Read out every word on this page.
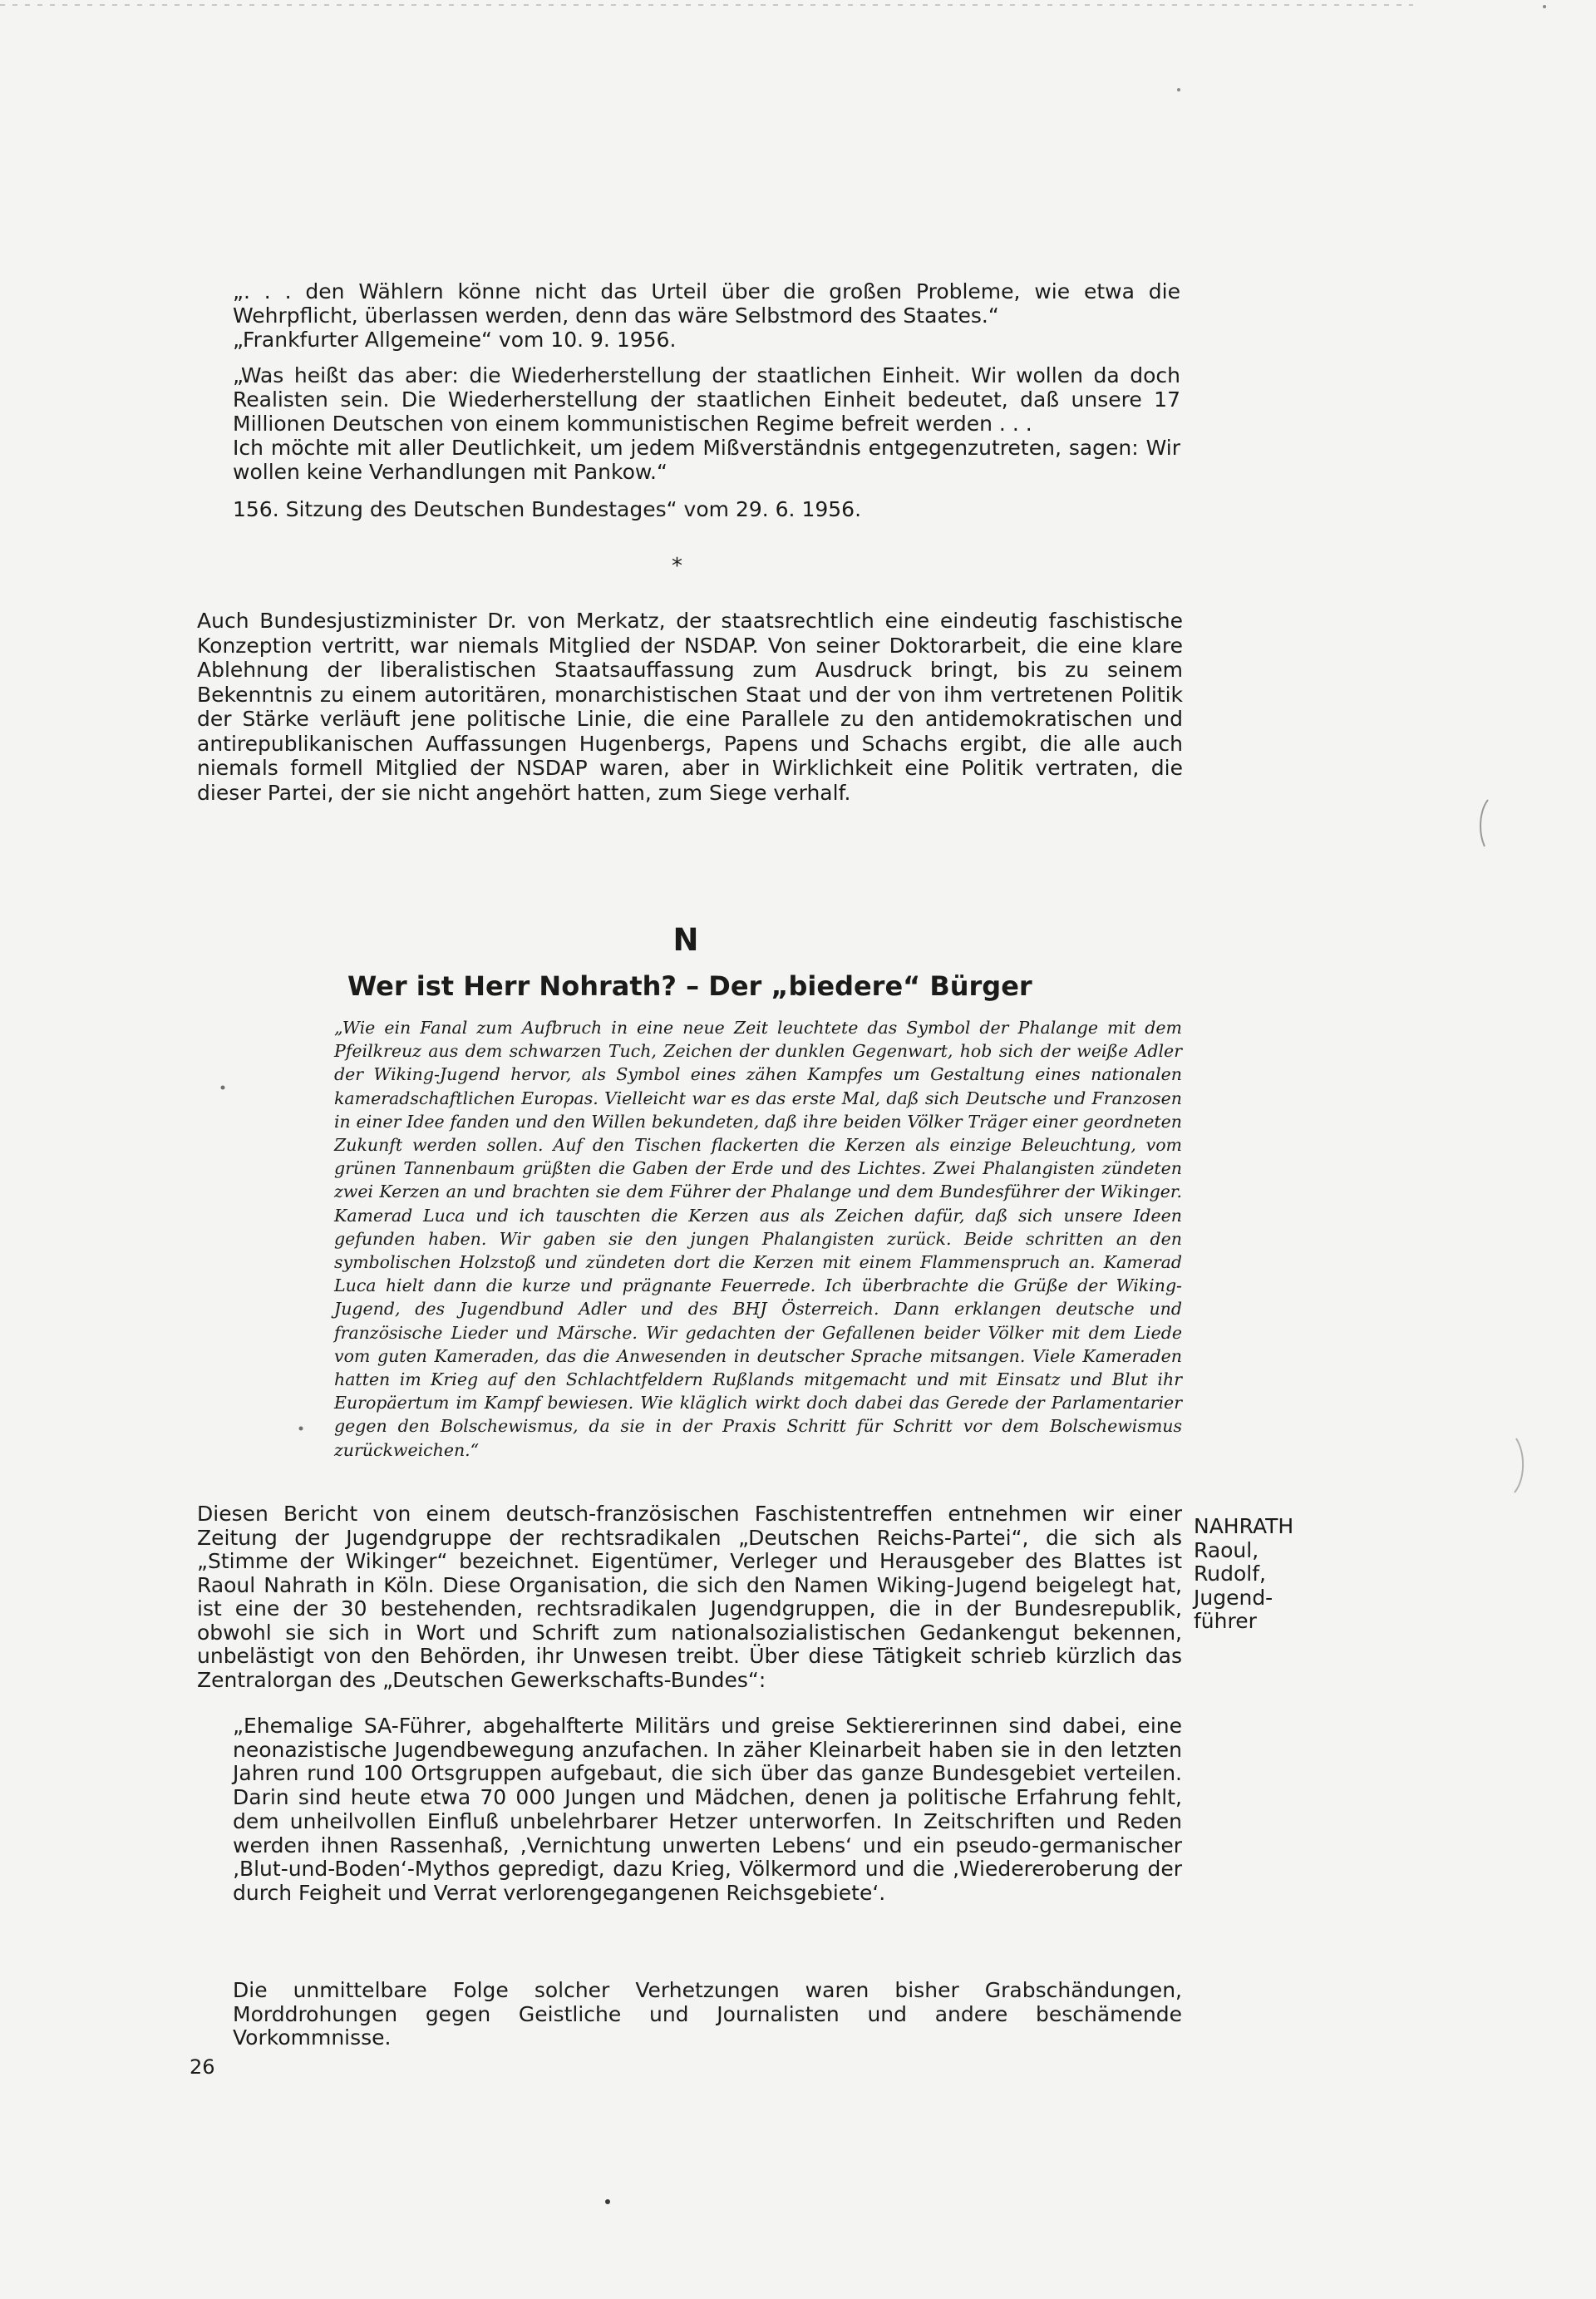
„. . . den Wählern könne nicht das Urteil über die großen Probleme, wie etwa die Wehrpflicht, überlassen werden, denn das wäre Selbstmord des Staates.“

„Frankfurter Allgemeine“ vom 10. 9. 1956.

„Was heißt das aber: die Wiederherstellung der staatlichen Einheit. Wir wollen da doch Realisten sein. Die Wiederherstellung der staatlichen Einheit bedeutet, daß unsere 17 Millionen Deutschen von einem kommunistischen Regime befreit werden . . .

Ich möchte mit aller Deutlichkeit, um jedem Mißverständnis entgegenzutreten, sagen: Wir wollen keine Verhandlungen mit Pankow.“

156. Sitzung des Deutschen Bundestages“ vom 29. 6. 1956.

*

Auch Bundesjustizminister Dr. von Merkatz, der staatsrechtlich eine eindeutig faschistische Konzeption vertritt, war niemals Mitglied der NSDAP. Von seiner Doktorarbeit, die eine klare Ablehnung der liberalistischen Staatsauffassung zum Ausdruck bringt, bis zu seinem Bekenntnis zu einem autoritären, monarchistischen Staat und der von ihm vertretenen Politik der Stärke verläuft jene politische Linie, die eine Parallele zu den antidemokratischen und antirepublikanischen Auffassungen Hugenbergs, Papens und Schachs ergibt, die alle auch niemals formell Mitglied der NSDAP waren, aber in Wirklichkeit eine Politik vertraten, die dieser Partei, der sie nicht angehört hatten, zum Siege verhalf.

N
Wer ist Herr Nohrath? – Der „biedere“ Bürger

„Wie ein Fanal zum Aufbruch in eine neue Zeit leuchtete das Symbol der Phalange mit dem Pfeilkreuz aus dem schwarzen Tuch, Zeichen der dunklen Gegenwart, hob sich der weiße Adler der Wiking-Jugend hervor, als Symbol eines zähen Kampfes um Gestaltung eines nationalen kameradschaftlichen Europas. Vielleicht war es das erste Mal, daß sich Deutsche und Franzosen in einer Idee fanden und den Willen bekundeten, daß ihre beiden Völker Träger einer geordneten Zukunft werden sollen. Auf den Tischen flackerten die Kerzen als einzige Beleuchtung, vom grünen Tannenbaum grüßten die Gaben der Erde und des Lichtes. Zwei Phalangisten zündeten zwei Kerzen an und brachten sie dem Führer der Phalange und dem Bundesführer der Wikinger. Kamerad Luca und ich tauschten die Kerzen aus als Zeichen dafür, daß sich unsere Ideen gefunden haben. Wir gaben sie den jungen Phalangisten zurück. Beide schritten an den symbolischen Holzstoß und zündeten dort die Kerzen mit einem Flammenspruch an. Kamerad Luca hielt dann die kurze und prägnante Feuerrede. Ich überbrachte die Grüße der Wiking-Jugend, des Jugendbund Adler und des BHJ Österreich. Dann erklangen deutsche und französische Lieder und Märsche. Wir gedachten der Gefallenen beider Völker mit dem Liede vom guten Kameraden, das die Anwesenden in deutscher Sprache mitsangen. Viele Kameraden hatten im Krieg auf den Schlachtfeldern Rußlands mitgemacht und mit Einsatz und Blut ihr Europäertum im Kampf bewiesen. Wie kläglich wirkt doch dabei das Gerede der Parlamentarier gegen den Bolschewismus, da sie in der Praxis Schritt für Schritt vor dem Bolschewismus zurückweichen.“

Diesen Bericht von einem deutsch-französischen Faschistentreffen entnehmen wir einer Zeitung der Jugendgruppe der rechtsradikalen „Deutschen Reichs-Partei“, die sich als „Stimme der Wikinger“ bezeichnet. Eigentümer, Verleger und Herausgeber des Blattes ist Raoul Nahrath in Köln. Diese Organisation, die sich den Namen Wiking-Jugend beigelegt hat, ist eine der 30 bestehenden, rechtsradikalen Jugendgruppen, die in der Bundesrepublik, obwohl sie sich in Wort und Schrift zum nationalsozialistischen Gedankengut bekennen, unbelästigt von den Behörden, ihr Unwesen treibt. Über diese Tätigkeit schrieb kürzlich das Zentralorgan des „Deutschen Gewerkschafts-Bundes“:

NAHRATH
Raoul,
Rudolf,
Jugend-
führer

„Ehemalige SA-Führer, abgehalfterte Militärs und greise Sektiererinnen sind dabei, eine neonazistische Jugendbewegung anzufachen. In zäher Kleinarbeit haben sie in den letzten Jahren rund 100 Ortsgruppen aufgebaut, die sich über das ganze Bundesgebiet verteilen. Darin sind heute etwa 70 000 Jungen und Mädchen, denen ja politische Erfahrung fehlt, dem unheilvollen Einfluß unbelehrbarer Hetzer unterworfen. In Zeitschriften und Reden werden ihnen Rassenhaß, ‚Vernichtung unwerten Lebens‘ und ein pseudo-germanischer ‚Blut-und-Boden‘-Mythos gepredigt, dazu Krieg, Völkermord und die ‚Wiedereroberung der durch Feigheit und Verrat verlorengegangenen Reichsgebiete‘.

Die unmittelbare Folge solcher Verhetzungen waren bisher Grabschändungen, Morddrohungen gegen Geistliche und Journalisten und andere beschämende Vorkommnisse.

26
